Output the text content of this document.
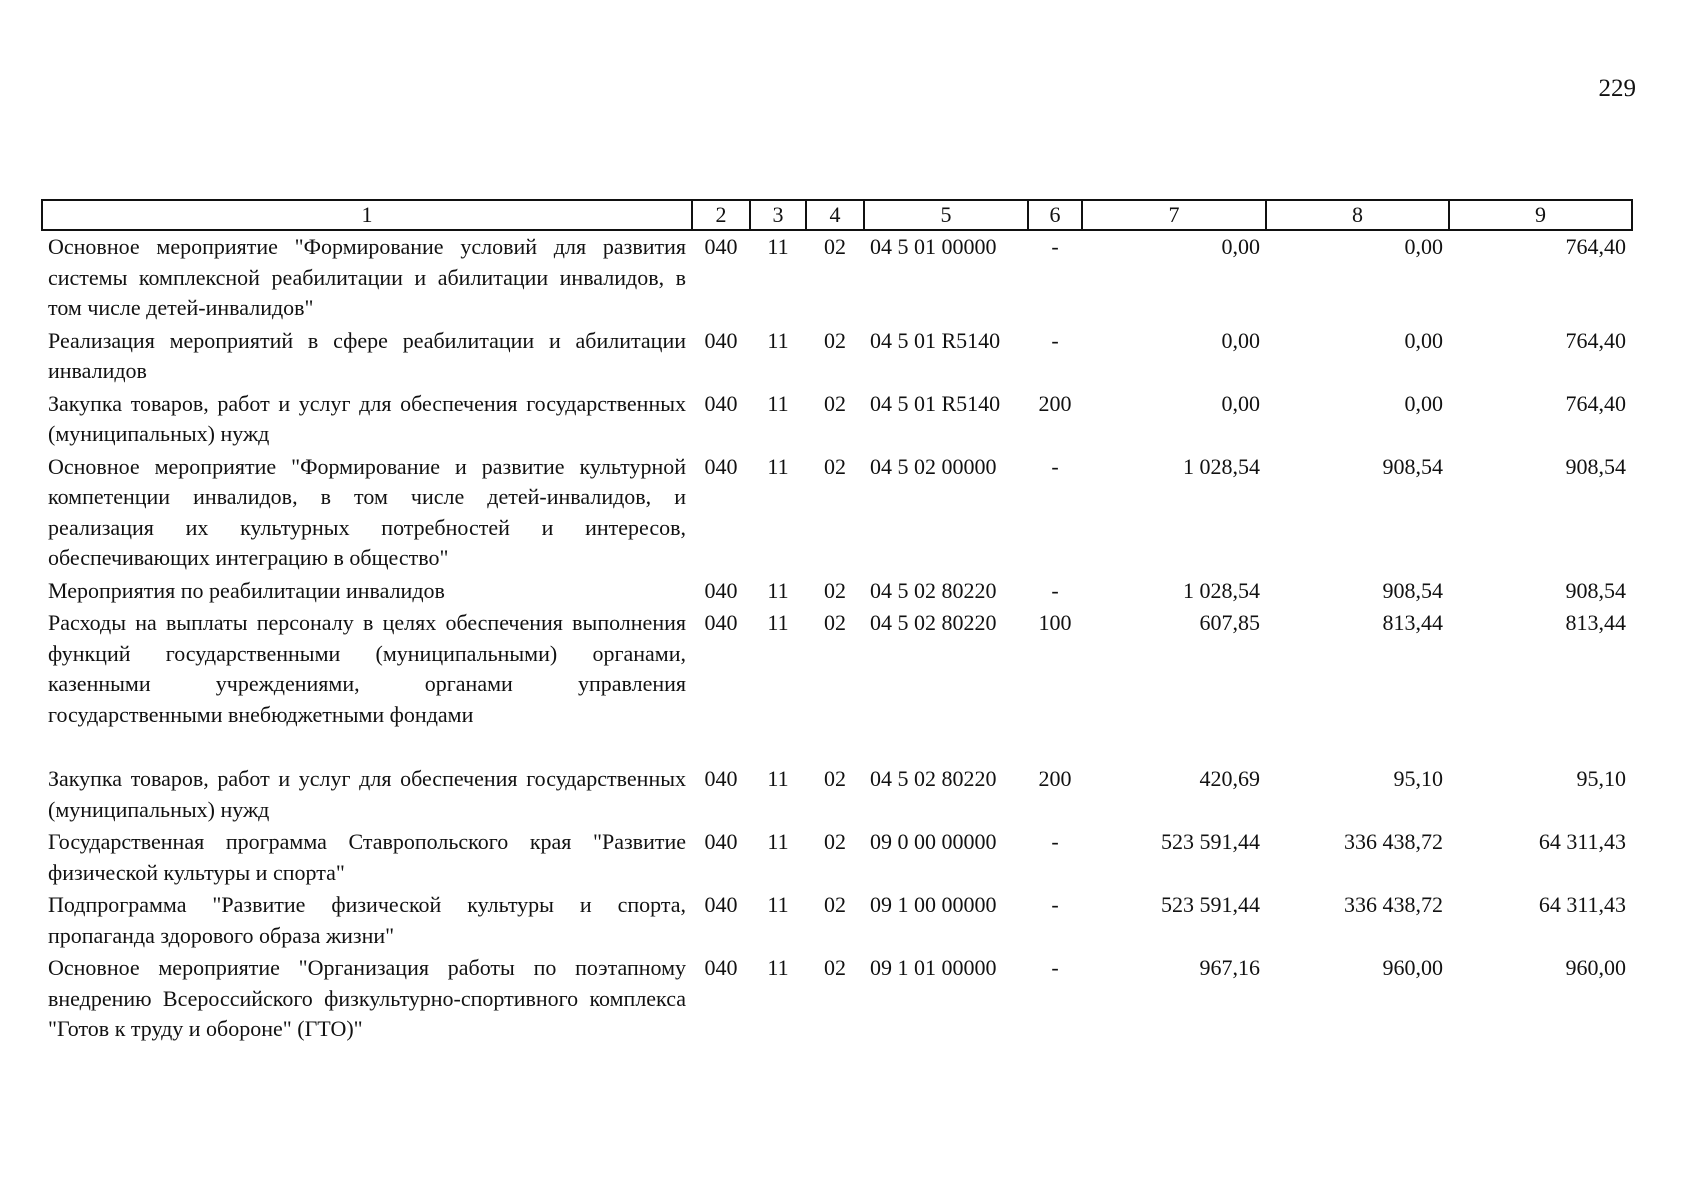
229
1	2	3	4	5	6	7	8	9
Основное мероприятие "Формирование условий для развития системы комплексной реабилитации и абилитации инвалидов, в том числе детей-инвалидов"	040	11	02	04 5 01 00000	-	0,00	0,00	764,40
Реализация мероприятий в сфере реабилитации и абилитации инвалидов	040	11	02	04 5 01 R5140	-	0,00	0,00	764,40
Закупка товаров, работ и услуг для обеспечения государственных (муниципальных) нужд	040	11	02	04 5 01 R5140	200	0,00	0,00	764,40
Основное мероприятие "Формирование и развитие культурной компетенции инвалидов, в том числе детей-инвалидов, и реализация их культурных потребностей и интересов, обеспечивающих интеграцию в общество"	040	11	02	04 5 02 00000	-	1 028,54	908,54	908,54
Мероприятия по реабилитации инвалидов	040	11	02	04 5 02 80220	-	1 028,54	908,54	908,54
Расходы на выплаты персоналу в целях обеспечения выполнения функций государственными (муниципальными) органами, казенными учреждениями, органами управления государственными внебюджетными фондами	040	11	02	04 5 02 80220	100	607,85	813,44	813,44

Закупка товаров, работ и услуг для обеспечения государственных (муниципальных) нужд	040	11	02	04 5 02 80220	200	420,69	95,10	95,10
Государственная программа Ставропольского края "Развитие физической культуры и спорта"	040	11	02	09 0 00 00000	-	523 591,44	336 438,72	64 311,43
Подпрограмма "Развитие физической культуры и спорта, пропаганда здорового образа жизни"	040	11	02	09 1 00 00000	-	523 591,44	336 438,72	64 311,43
Основное мероприятие "Организация работы по поэтапному внедрению Всероссийского физкультурно-спортивного комплекса "Готов к труду и обороне" (ГТО)"	040	11	02	09 1 01 00000	-	967,16	960,00	960,00
